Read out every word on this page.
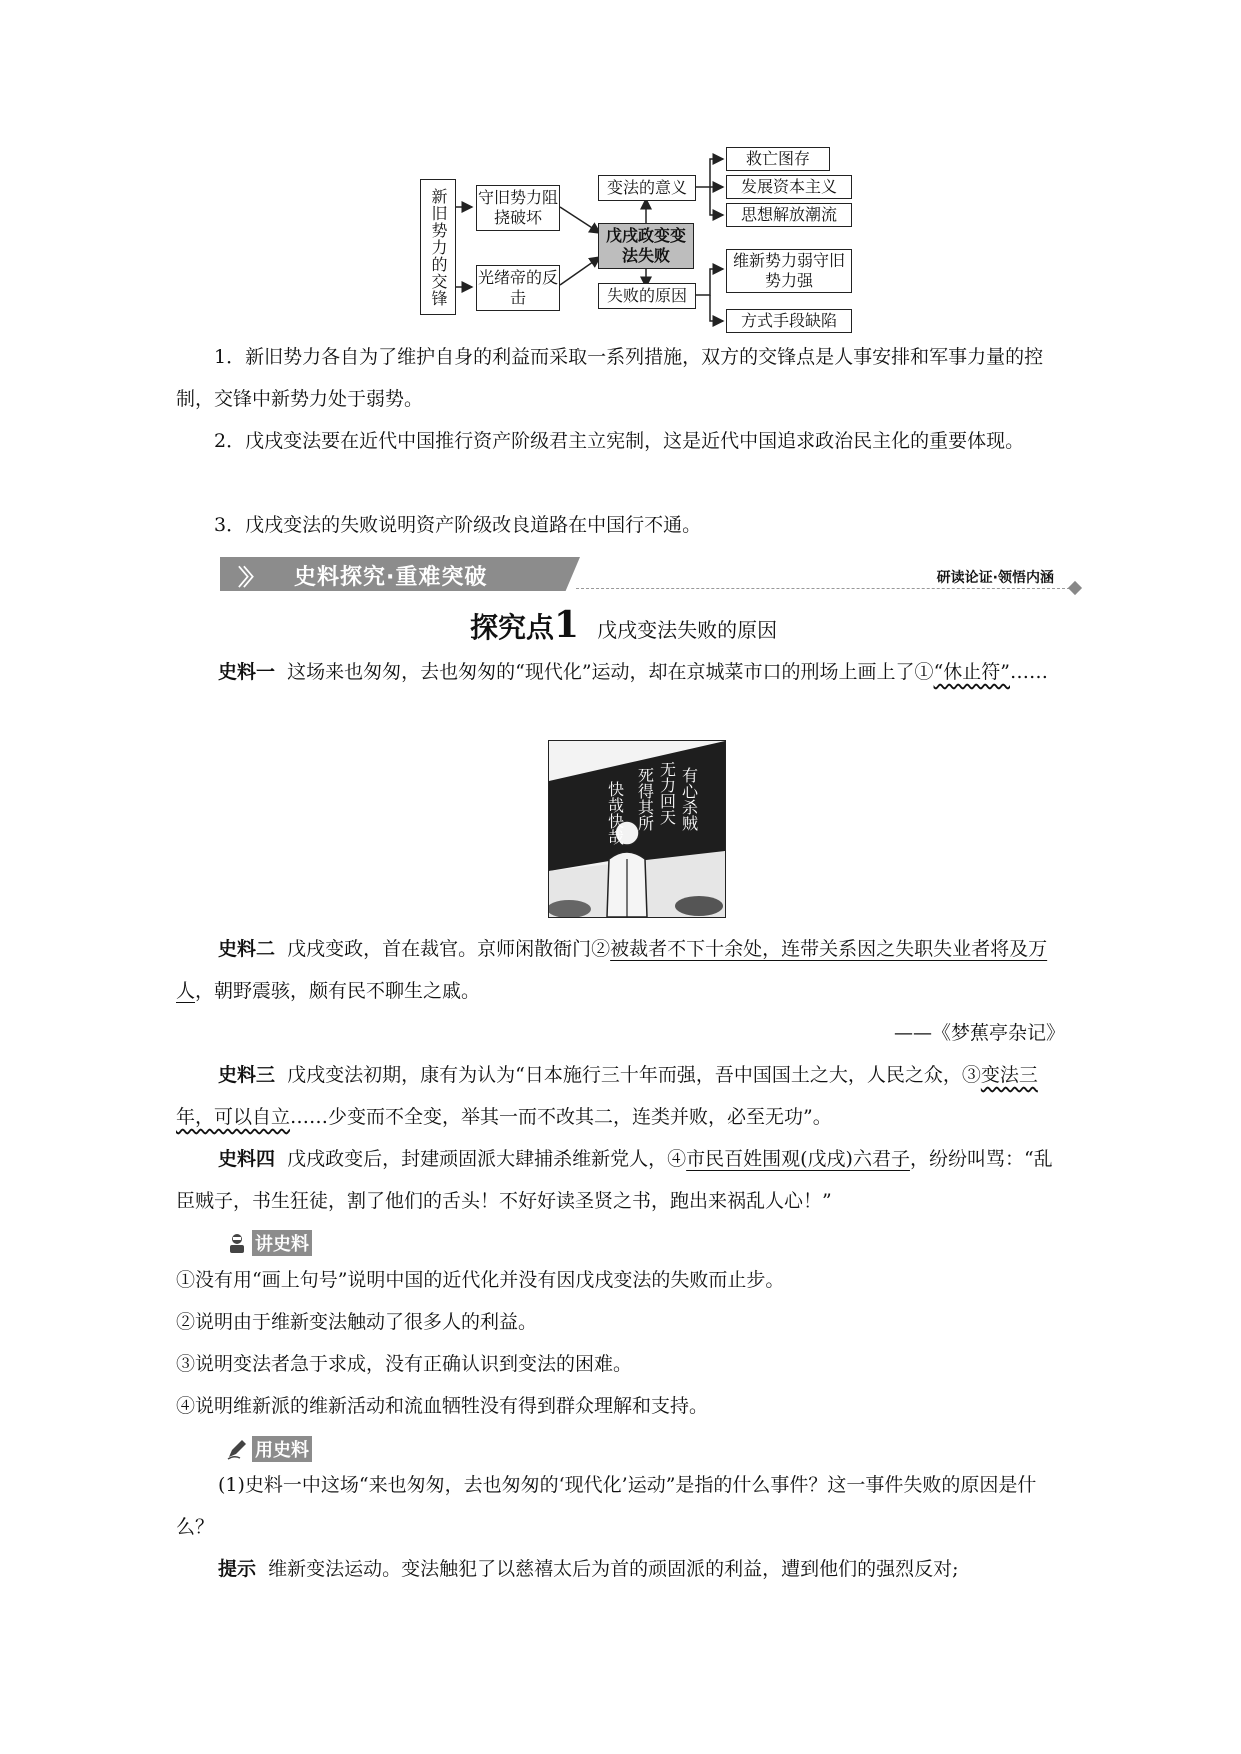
新旧势力的交锋	守旧势力阻挠破坏
光绪帝的反击
戊戌政变变法失败
变法的意义
失败的原因
救亡图存
发展资本主义
思想解放潮流
维新势力弱守旧势力强
方式手段缺陷
1．新旧势力各自为了维护自身的利益而采取一系列措施，双方的交锋点是人事安排和军事力量的控制，交锋中新势力处于弱势。
2．戊戌变法要在近代中国推行资产阶级君主立宪制，这是近代中国追求政治民主化的重要体现。
3．戊戌变法的失败说明资产阶级改良道路在中国行不通。
〉〉 史料探究·重难突破	研读论证·领悟内涵
探究点1 戊戌变法失败的原因
史料一 这场来也匆匆，去也匆匆的“现代化”运动，却在京城菜市口的刑场上画上了①“休止符”……
有心杀贼
无力回天
死得其所
快哉快哉
史料二 戊戌变政，首在裁官。京师闲散衙门②被裁者不下十余处，连带关系因之失职失业者将及万人，朝野震骇，颇有民不聊生之戚。
——《梦蕉亭杂记》
史料三 戊戌变法初期，康有为认为“日本施行三十年而强，吾中国国土之大，人民之众，③变法三年，可以自立……少变而不全变，举其一而不改其二，连类并败，必至无功”。
史料四 戊戌政变后，封建顽固派大肆捕杀维新党人，④市民百姓围观(戊戌)六君子，纷纷叫骂：“乱臣贼子，书生狂徒，割了他们的舌头！不好好读圣贤之书，跑出来祸乱人心！”
讲史料
①没有用“画上句号”说明中国的近代化并没有因戊戌变法的失败而止步。
②说明由于维新变法触动了很多人的利益。
③说明变法者急于求成，没有正确认识到变法的困难。
④说明维新派的维新活动和流血牺牲没有得到群众理解和支持。
用史料
(1)史料一中这场“来也匆匆，去也匆匆的‘现代化’运动”是指的什么事件？这一事件失败的原因是什么？
提示 维新变法运动。变法触犯了以慈禧太后为首的顽固派的利益，遭到他们的强烈反对;
